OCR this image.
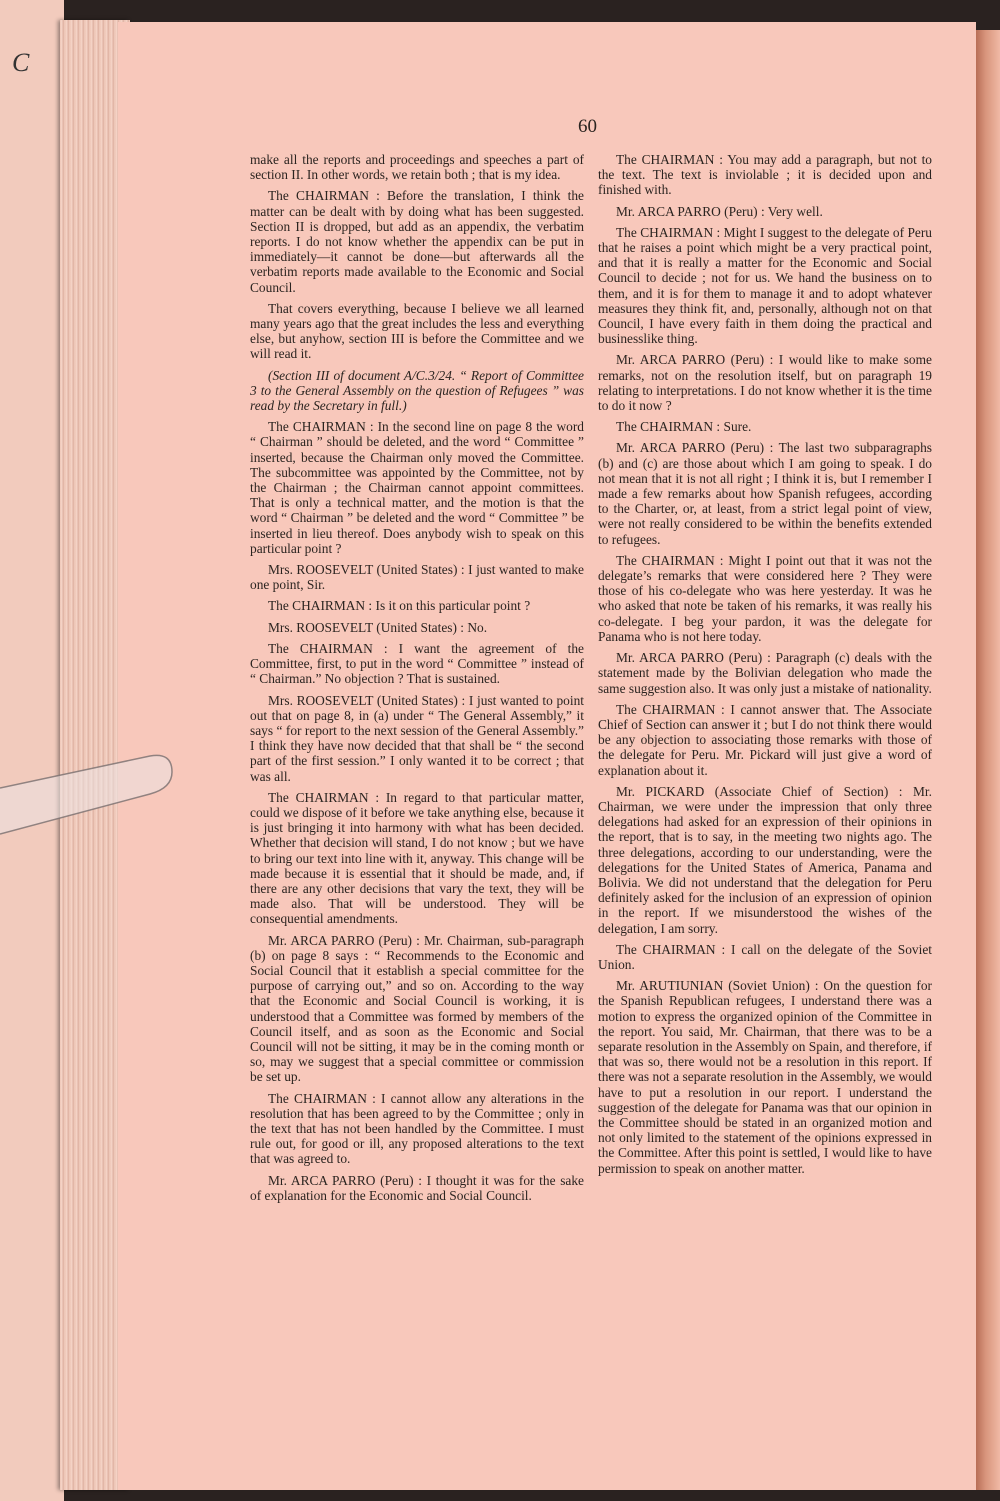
C
60

make all the reports and proceedings and speeches a part of section II. In other words, we retain both ; that is my idea.

The CHAIRMAN : Before the translation, I think the matter can be dealt with by doing what has been suggested. Section II is dropped, but add as an appendix, the verbatim reports. I do not know whether the appendix can be put in immediately—it cannot be done—but afterwards all the verbatim reports made available to the Economic and Social Council.

That covers everything, because I believe we all learned many years ago that the great includes the less and everything else, but anyhow, section III is before the Committee and we will read it.

(Section III of document A/C.3/24. “ Report of Committee 3 to the General Assembly on the question of Refugees ” was read by the Secretary in full.)

The CHAIRMAN : In the second line on page 8 the word “ Chairman ” should be deleted, and the word “ Committee ” inserted, because the Chairman only moved the Committee. The subcommittee was appointed by the Committee, not by the Chairman ; the Chairman cannot appoint committees. That is only a technical matter, and the motion is that the word “ Chairman ” be deleted and the word “ Committee ” be inserted in lieu thereof. Does anybody wish to speak on this particular point ?

Mrs. ROOSEVELT (United States) : I just wanted to make one point, Sir.

The CHAIRMAN : Is it on this particular point ?

Mrs. ROOSEVELT (United States) : No.

The CHAIRMAN : I want the agreement of the Committee, first, to put in the word “ Committee ” instead of “ Chairman.” No objection ? That is sustained.

Mrs. ROOSEVELT (United States) : I just wanted to point out that on page 8, in (a) under “ The General Assembly,” it says “ for report to the next session of the General Assembly.” I think they have now decided that that shall be “ the second part of the first session.” I only wanted it to be correct ; that was all.

The CHAIRMAN : In regard to that particular matter, could we dispose of it before we take anything else, because it is just bringing it into harmony with what has been decided. Whether that decision will stand, I do not know ; but we have to bring our text into line with it, anyway. This change will be made because it is essential that it should be made, and, if there are any other decisions that vary the text, they will be made also. That will be understood. They will be consequential amendments.

Mr. ARCA PARRO (Peru) : Mr. Chairman, sub-paragraph (b) on page 8 says : “ Recommends to the Economic and Social Council that it establish a special committee for the purpose of carrying out,” and so on. According to the way that the Economic and Social Council is working, it is understood that a Committee was formed by members of the Council itself, and as soon as the Economic and Social Council will not be sitting, it may be in the coming month or so, may we suggest that a special committee or commission be set up.

The CHAIRMAN : I cannot allow any alterations in the resolution that has been agreed to by the Committee ; only in the text that has not been handled by the Committee. I must rule out, for good or ill, any proposed alterations to the text that was agreed to.

Mr. ARCA PARRO (Peru) : I thought it was for the sake of explanation for the Economic and Social Council.

The CHAIRMAN : You may add a paragraph, but not to the text. The text is inviolable ; it is decided upon and finished with.

Mr. ARCA PARRO (Peru) : Very well.

The CHAIRMAN : Might I suggest to the delegate of Peru that he raises a point which might be a very practical point, and that it is really a matter for the Economic and Social Council to decide ; not for us. We hand the business on to them, and it is for them to manage it and to adopt whatever measures they think fit, and, personally, although not on that Council, I have every faith in them doing the practical and businesslike thing.

Mr. ARCA PARRO (Peru) : I would like to make some remarks, not on the resolution itself, but on paragraph 19 relating to interpretations. I do not know whether it is the time to do it now ?

The CHAIRMAN : Sure.

Mr. ARCA PARRO (Peru) : The last two subparagraphs (b) and (c) are those about which I am going to speak. I do not mean that it is not all right ; I think it is, but I remember I made a few remarks about how Spanish refugees, according to the Charter, or, at least, from a strict legal point of view, were not really considered to be within the benefits extended to refugees.

The CHAIRMAN : Might I point out that it was not the delegate’s remarks that were considered here ? They were those of his co-delegate who was here yesterday. It was he who asked that note be taken of his remarks, it was really his co-delegate. I beg your pardon, it was the delegate for Panama who is not here today.

Mr. ARCA PARRO (Peru) : Paragraph (c) deals with the statement made by the Bolivian delegation who made the same suggestion also. It was only just a mistake of nationality.

The CHAIRMAN : I cannot answer that. The Associate Chief of Section can answer it ; but I do not think there would be any objection to associating those remarks with those of the delegate for Peru. Mr. Pickard will just give a word of explanation about it.

Mr. PICKARD (Associate Chief of Section) : Mr. Chairman, we were under the impression that only three delegations had asked for an expression of their opinions in the report, that is to say, in the meeting two nights ago. The three delegations, according to our understanding, were the delegations for the United States of America, Panama and Bolivia. We did not understand that the delegation for Peru definitely asked for the inclusion of an expression of opinion in the report. If we misunderstood the wishes of the delegation, I am sorry.

The CHAIRMAN : I call on the delegate of the Soviet Union.

Mr. ARUTIUNIAN (Soviet Union) : On the question for the Spanish Republican refugees, I understand there was a motion to express the organized opinion of the Committee in the report. You said, Mr. Chairman, that there was to be a separate resolution in the Assembly on Spain, and therefore, if that was so, there would not be a resolution in this report. If there was not a separate resolution in the Assembly, we would have to put a resolution in our report. I understand the suggestion of the delegate for Panama was that our opinion in the Committee should be stated in an organized motion and not only limited to the statement of the opinions expressed in the Committee. After this point is settled, I would like to have permission to speak on another matter.
